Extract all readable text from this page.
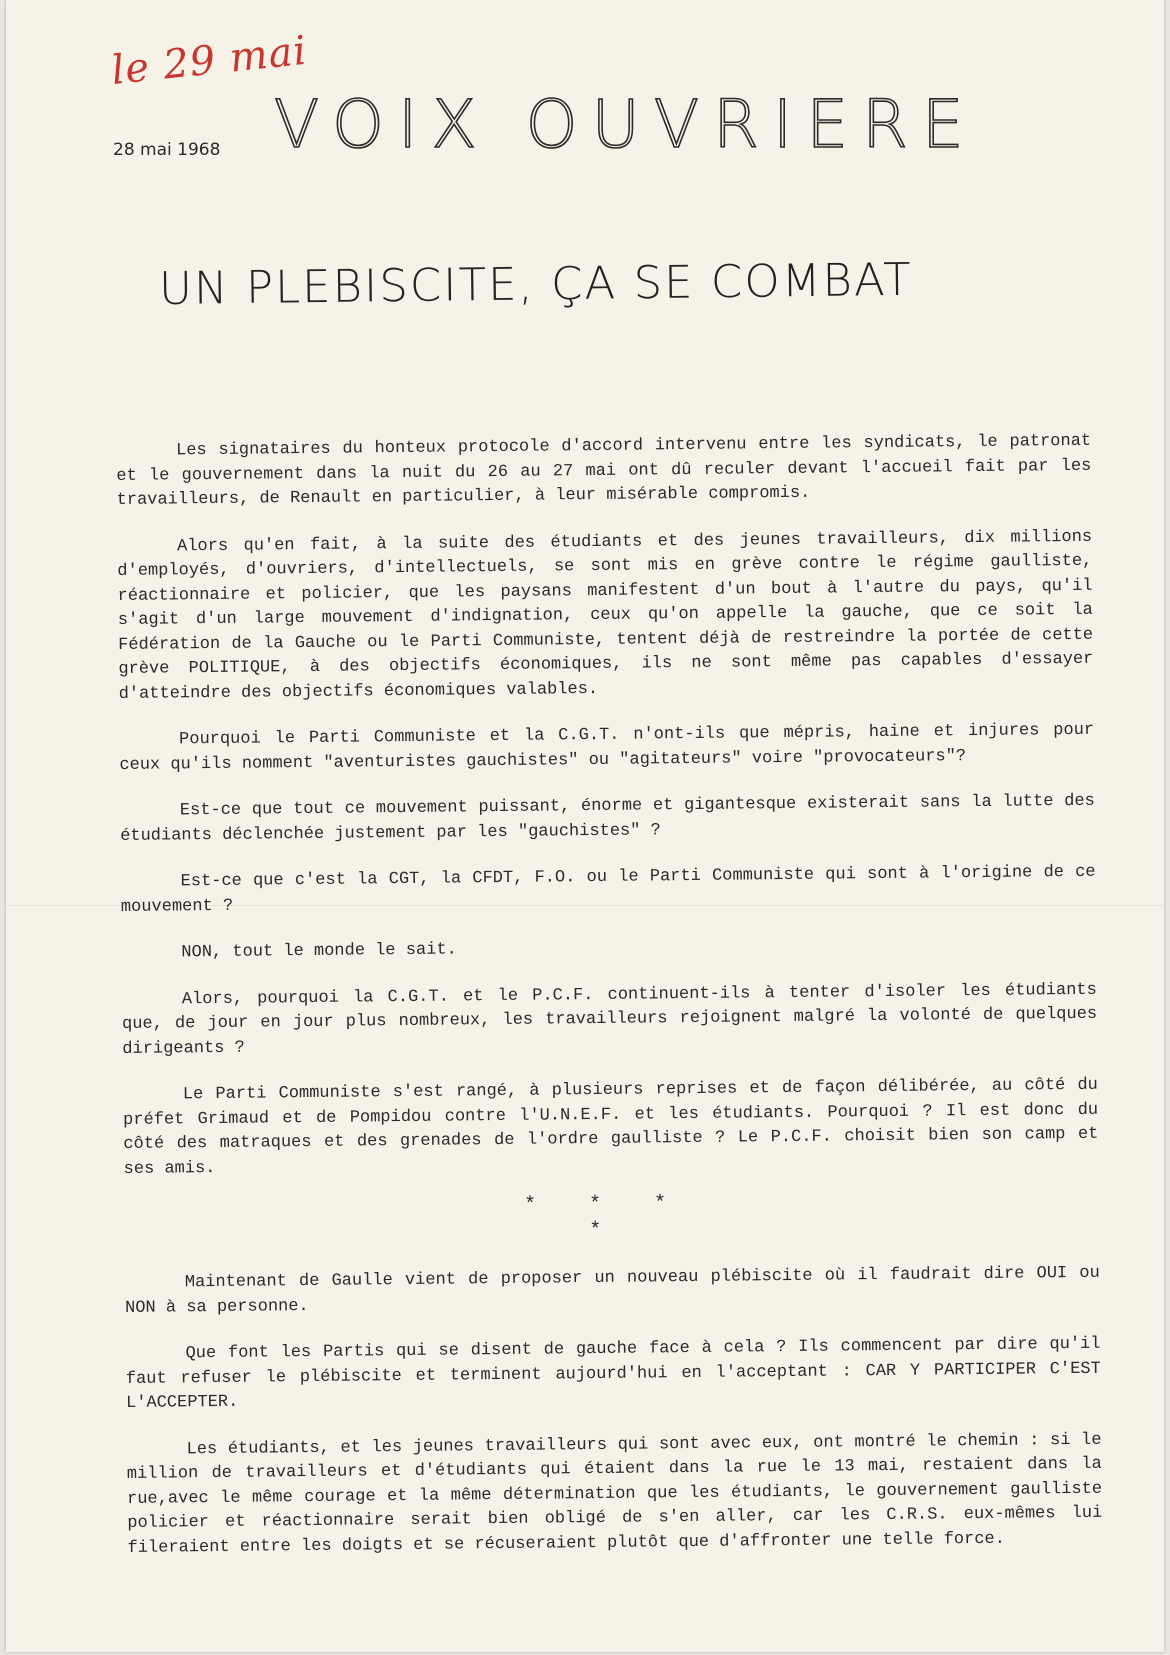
le 29 mai
28 mai 1968 VOIX OUVRIERE
UN PLEBISCITE, ÇA SE COMBAT

Les signataires du honteux protocole d'accord intervenu entre les syndicats, le patronat et le gouvernement dans la nuit du 26 au 27 mai ont dû reculer devant l'accueil fait par les travailleurs, de Renault en particulier, à leur misérable compromis.

Alors qu'en fait, à la suite des étudiants et des jeunes travailleurs, dix millions d'employés, d'ouvriers, d'intellectuels, se sont mis en grève contre le régime gaulliste, réactionnaire et policier, que les paysans manifestent d'un bout à l'autre du pays, qu'il s'agit d'un large mouvement d'indignation, ceux qu'on appelle la gauche, que ce soit la Fédération de la Gauche ou le Parti Communiste, tentent déjà de restreindre la portée de cette grève POLITIQUE, à des objectifs économiques, ils ne sont même pas capables d'essayer d'atteindre des objectifs économiques valables.

Pourquoi le Parti Communiste et la C.G.T. n'ont-ils que mépris, haine et injures pour ceux qu'ils nomment "aventuristes gauchistes" ou "agitateurs" voire "provocateurs"?

Est-ce que tout ce mouvement puissant, énorme et gigantesque existerait sans la lutte des étudiants déclenchée justement par les "gauchistes" ?

Est-ce que c'est la CGT, la CFDT, F.O. ou le Parti Communiste qui sont à l'origine de ce mouvement ?

NON, tout le monde le sait.

Alors, pourquoi la C.G.T. et le P.C.F. continuent-ils à tenter d'isoler les étudiants que, de jour en jour plus nombreux, les travailleurs rejoignent malgré la volonté de quelques dirigeants ?

Le Parti Communiste s'est rangé, à plusieurs reprises et de façon délibérée, au côté du préfet Grimaud et de Pompidou contre l'U.N.E.F. et les étudiants. Pourquoi ? Il est donc du côté des matraques et des grenades de l'ordre gaulliste ? Le P.C.F. choisit bien son camp et ses amis.

*	*	*
*

Maintenant de Gaulle vient de proposer un nouveau plébiscite où il faudrait dire OUI ou NON à sa personne.

Que font les Partis qui se disent de gauche face à cela ? Ils commencent par dire qu'il faut refuser le plébiscite et terminent aujourd'hui en l'acceptant : CAR Y PARTICIPER C'EST L'ACCEPTER.

Les étudiants, et les jeunes travailleurs qui sont avec eux, ont montré le chemin : si le million de travailleurs et d'étudiants qui étaient dans la rue le 13 mai, restaient dans la rue,avec le même courage et la même détermination que les étudiants, le gouvernement gaulliste policier et réactionnaire serait bien obligé de s'en aller, car les C.R.S. eux-mêmes lui fileraient entre les doigts et se récuseraient plutôt que d'affronter une telle force.
